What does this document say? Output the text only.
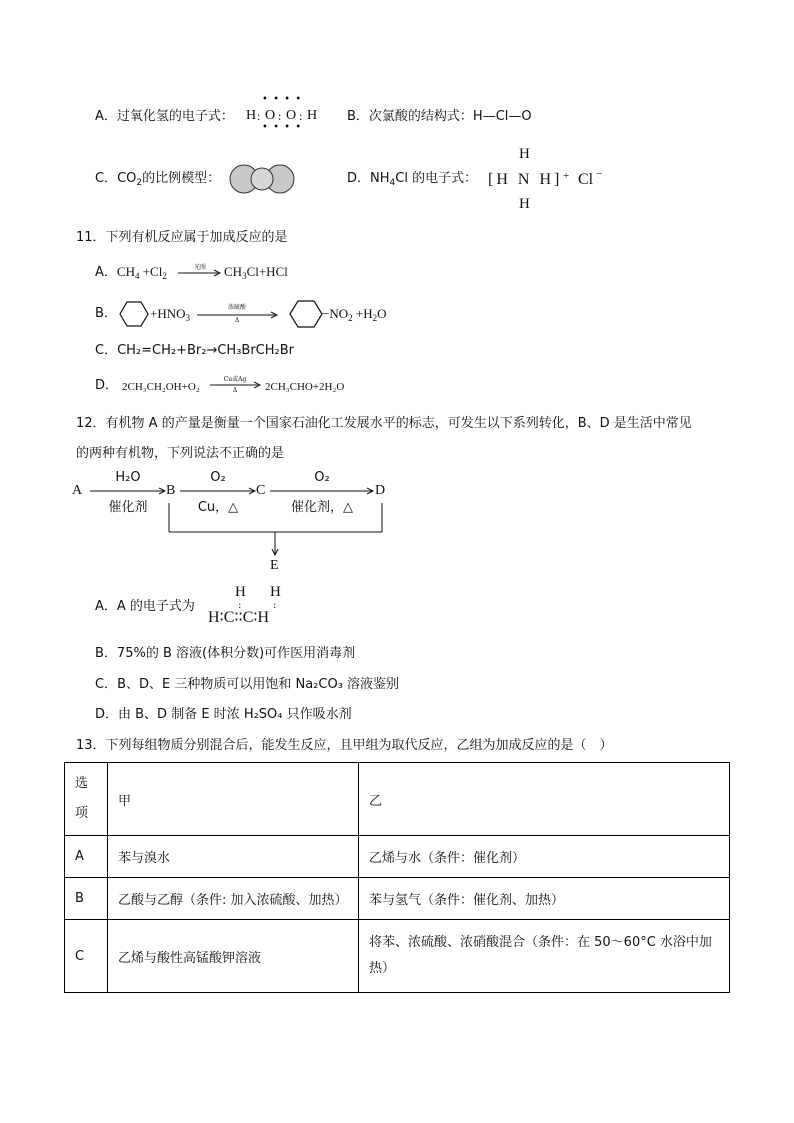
A．过氧化氢的电子式：
• • • •
H : O : O : H
• • • •
B．次氯酸的结构式：H—Cl—O
C．$CO_2$的比例模型：	D．$NH_4Cl$ 的电子式：
H
[H N H] + Cl −
H
11．下列有机反应属于加成反应的是
A．$CH_4 +Cl_2$
光照	$CH_3Cl+HCl$
B．	$+HNO_3$
浓硫酸
Δ	$-NO_2 +H_2O$
C．CH₂=CH₂+Br₂→CH₃BrCH₂Br
D． 2CH₃CH₂OH+O₂
Cu或Ag
Δ	2CH₃CHO+2H₂O
12．有机物 A 的产量是衡量一个国家石油化工发展水平的标志，可发生以下系列转化，B、D 是生活中常见
的两种有机物，下列说法不正确的是
A
H₂O
催化剂
B
O₂
Cu，△
C
O₂
催化剂，△
D
E
A．A 的电子式为
H H
:	:
H∶C∶∶C∶H
B．75%的 B 溶液(体积分数)可作医用消毒剂
C．B、D、E 三种物质可以用饱和 Na₂CO₃ 溶液鉴别
D．由 B、D 制备 E 时浓 H₂SO₄ 只作吸水剂
13．下列每组物质分别混合后，能发生反应，且甲组为取代反应，乙组为加成反应的是（　）
选项	甲	乙
A	苯与溴水	乙烯与水（条件：催化剂）
B	乙酸与乙醇（条件: 加入浓硫酸、加热）	苯与氢气（条件：催化剂、加热）
C	乙烯与酸性高锰酸钾溶液	将苯、浓硫酸、浓硝酸混合（条件：在 50～60°C 水浴中加热）
